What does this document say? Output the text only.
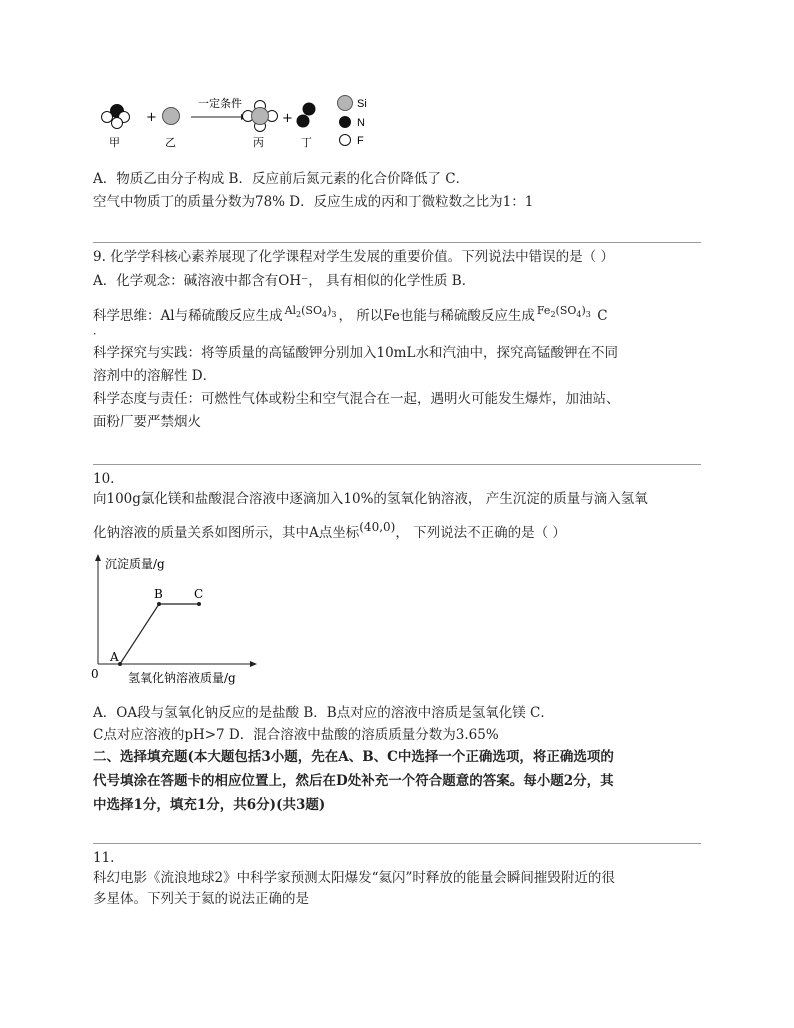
+
一定条件
+
Si
N
F
甲	乙	丙	丁
A．物质乙由分子构成 B．反应前后氮元素的化合价降低了 C．
空气中物质丁的质量分数为78% D．反应生成的丙和丁微粒数之比为1：1
9. 化学学科核心素养展现了化学课程对学生发展的重要价值。下列说法中错误的是（ ）
A．化学观念：碱溶液中都含有OH⁻， 具有相似的化学性质 B．
科学思维：Al与稀硫酸反应生成 $^{Al_2(SO_4)_3}$ ， 所以Fe也能与稀硫酸反应生成 $^{Fe_2(SO_4)_3}$ C
．
科学探究与实践：将等质量的高锰酸钾分别加入10mL水和汽油中，探究高锰酸钾在不同
溶剂中的溶解性 D．
科学态度与责任：可燃性气体或粉尘和空气混合在一起，遇明火可能发生爆炸，加油站、
面粉厂要严禁烟火
10.
向100g氯化镁和盐酸混合溶液中逐滴加入10%的氢氧化钠溶液， 产生沉淀的质量与滴入氢氧
化钠溶液的质量关系如图所示，其中A点坐标(40,0)， 下列说法不正确的是（ ）
沉淀质量/g
氢氧化钠溶液质量/g
0
A
B	C
A．OA段与氢氧化钠反应的是盐酸 B．B点对应的溶液中溶质是氢氧化镁 C．
C点对应溶液的pH>7 D．混合溶液中盐酸的溶质质量分数为3.65%
二、选择填充题(本大题包括3小题，先在A、B、C中选择一个正确选项，将正确选项的
代号填涂在答题卡的相应位置上，然后在D处补充一个符合题意的答案。每小题2分，其
中选择1分，填充1分，共6分)(共3题)
11.
科幻电影《流浪地球2》中科学家预测太阳爆发“氦闪”时释放的能量会瞬间摧毁附近的很
多星体。下列关于氦的说法正确的是
